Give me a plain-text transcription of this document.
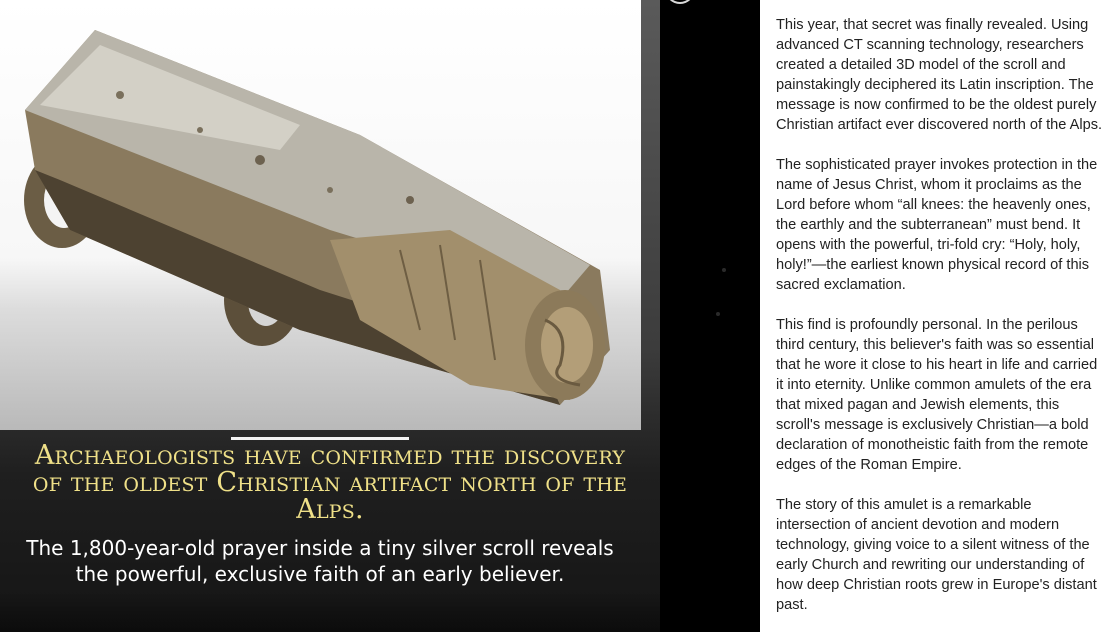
Archaeologists have confirmed the discovery of the oldest Christian artifact north of the Alps.
The 1,800-year-old prayer inside a tiny silver scroll reveals the powerful, exclusive faith of an early believer.

This year, that secret was finally revealed. Using advanced CT scanning technology, researchers created a detailed 3D model of the scroll and painstakingly deciphered its Latin inscription. The message is now confirmed to be the oldest purely Christian artifact ever discovered north of the Alps.

The sophisticated prayer invokes protection in the name of Jesus Christ, whom it proclaims as the Lord before whom “all knees: the heavenly ones, the earthly and the subterranean” must bend. It opens with the powerful, tri-fold cry: “Holy, holy, holy!”—the earliest known physical record of this sacred exclamation.

This find is profoundly personal. In the perilous third century, this believer's faith was so essential that he wore it close to his heart in life and carried it into eternity. Unlike common amulets of the era that mixed pagan and Jewish elements, this scroll's message is exclusively Christian—a bold declaration of monotheistic faith from the remote edges of the Roman Empire.

The story of this amulet is a remarkable intersection of ancient devotion and modern technology, giving voice to a silent witness of the early Church and rewriting our understanding of how deep Christian roots grew in Europe's distant past.
